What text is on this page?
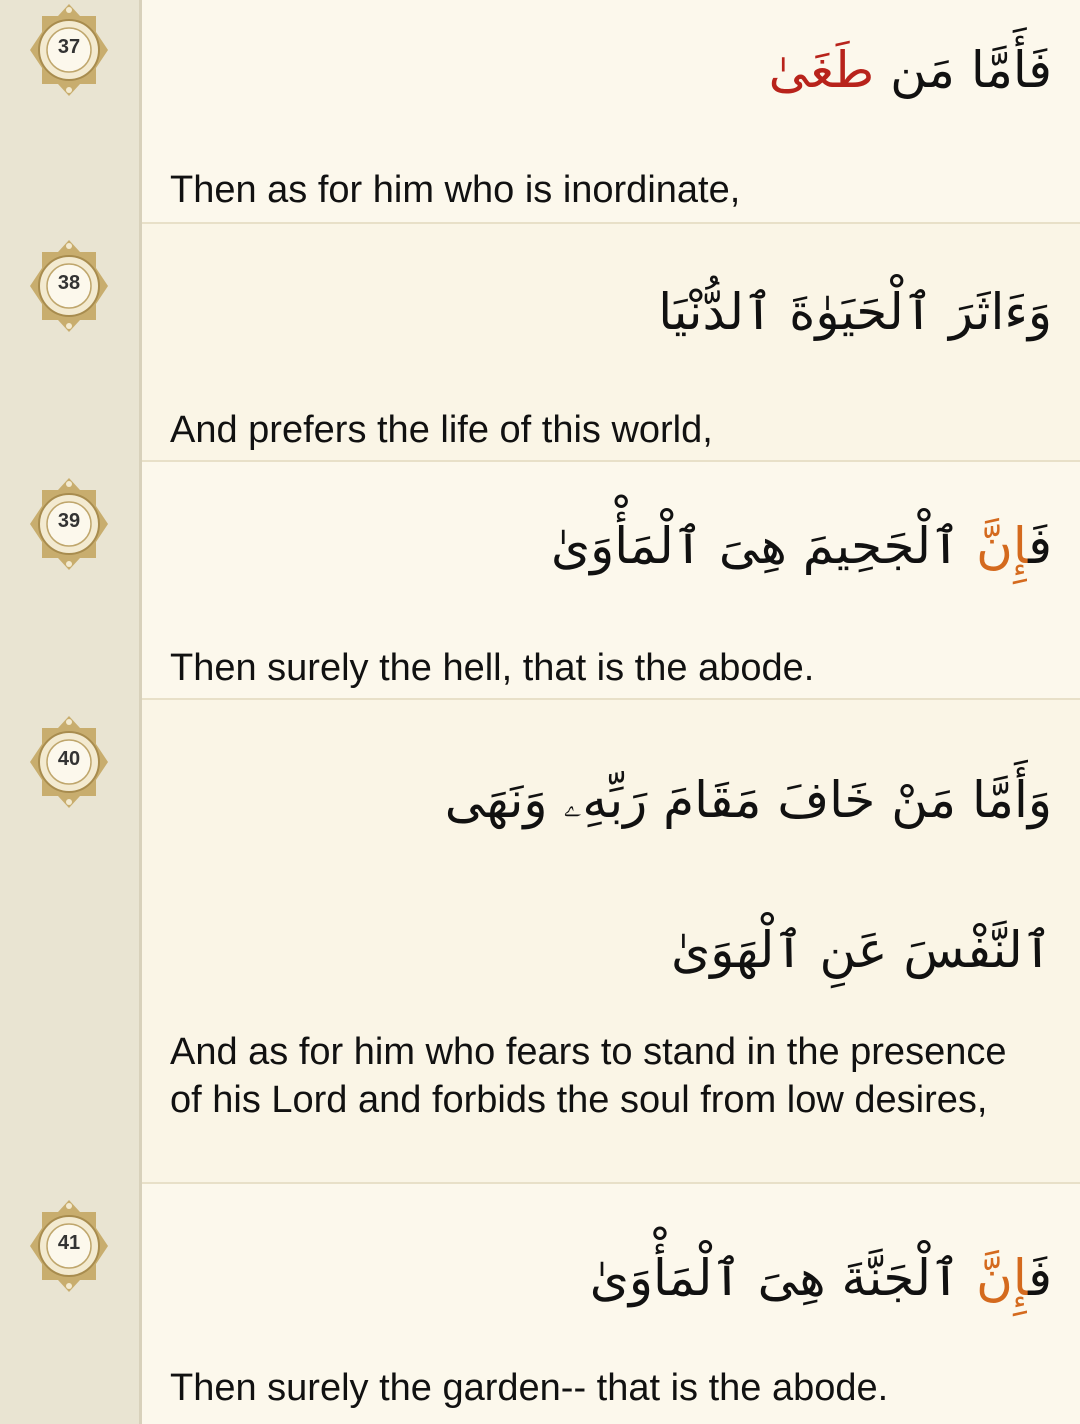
37
38
39
40
41
فَأَمَّا مَن طَغَىٰ
Then as for him who is inordinate,
وَءَاثَرَ ٱلْحَيَوٰةَ ٱلدُّنْيَا
And prefers the life of this world,
فَإِنَّ ٱلْجَحِيمَ هِىَ ٱلْمَأْوَىٰ
Then surely the hell, that is the abode.
وَأَمَّا مَنْ خَافَ مَقَامَ رَبِّهِۦ وَنَهَى
ٱلنَّفْسَ عَنِ ٱلْهَوَىٰ
And as for him who fears to stand in the presence of his Lord and forbids the soul from low desires,
فَإِنَّ ٱلْجَنَّةَ هِىَ ٱلْمَأْوَىٰ
Then surely the garden-- that is the abode.
